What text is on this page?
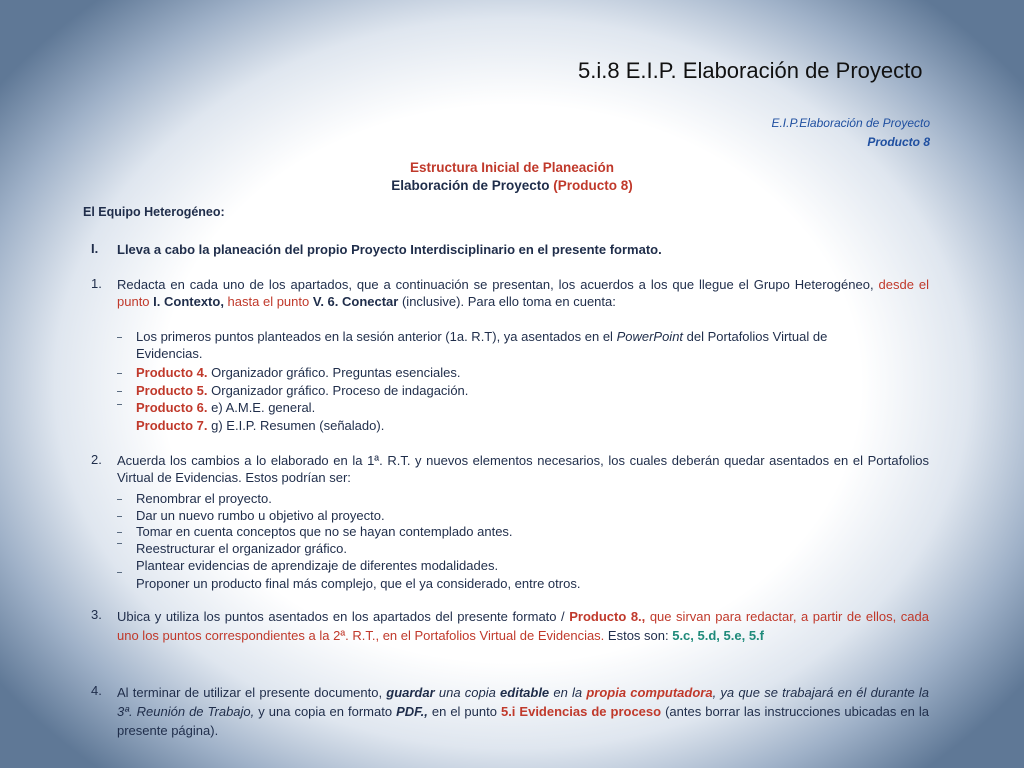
5.i.8 E.I.P. Elaboración de Proyecto
E.I.P.Elaboración de Proyecto
Producto 8
Estructura Inicial de Planeación
Elaboración de Proyecto (Producto 8)
El Equipo Heterogéneo:
I. Lleva a cabo la planeación del propio Proyecto Interdisciplinario en el presente formato.
1. Redacta en cada uno de los apartados, que a continuación se presentan, los acuerdos a los que llegue el Grupo Heterogéneo, desde el punto I. Contexto, hasta el punto V. 6. Conectar (inclusive). Para ello toma en cuenta:
⎯ Los primeros puntos planteados en la sesión anterior (1a. R.T), ya asentados en el PowerPoint del Portafolios Virtual de
Evidencias.
⎯ Producto 4. Organizador gráfico. Preguntas esenciales.
⎯ Producto 5. Organizador gráfico. Proceso de indagación.
⎯ Producto 6. e) A.M.E. general.
Producto 7. g) E.I.P. Resumen (señalado).
2. Acuerda los cambios a lo elaborado en la 1ª. R.T. y nuevos elementos necesarios, los cuales deberán quedar asentados en el Portafolios Virtual de Evidencias. Estos podrían ser:
⎯ Renombrar el proyecto.
⎯ Dar un nuevo rumbo u objetivo al proyecto.
⎯ Tomar en cuenta conceptos que no se hayan contemplado antes.
⎯ Reestructurar el organizador gráfico.
⎯ Plantear evidencias de aprendizaje de diferentes modalidades.
Proponer un producto final más complejo, que el ya considerado, entre otros.
3. Ubica y utiliza los puntos asentados en los apartados del presente formato / Producto 8., que sirvan para redactar, a partir de ellos, cada uno los puntos correspondientes a la 2ª. R.T., en el Portafolios Virtual de Evidencias. Estos son: 5.c, 5.d, 5.e, 5.f
4. Al terminar de utilizar el presente documento, guardar una copia editable en la propia computadora, ya que se trabajará en él durante la 3ª. Reunión de Trabajo, y una copia en formato PDF., en el punto 5.i Evidencias de proceso (antes borrar las instrucciones ubicadas en la presente página).
